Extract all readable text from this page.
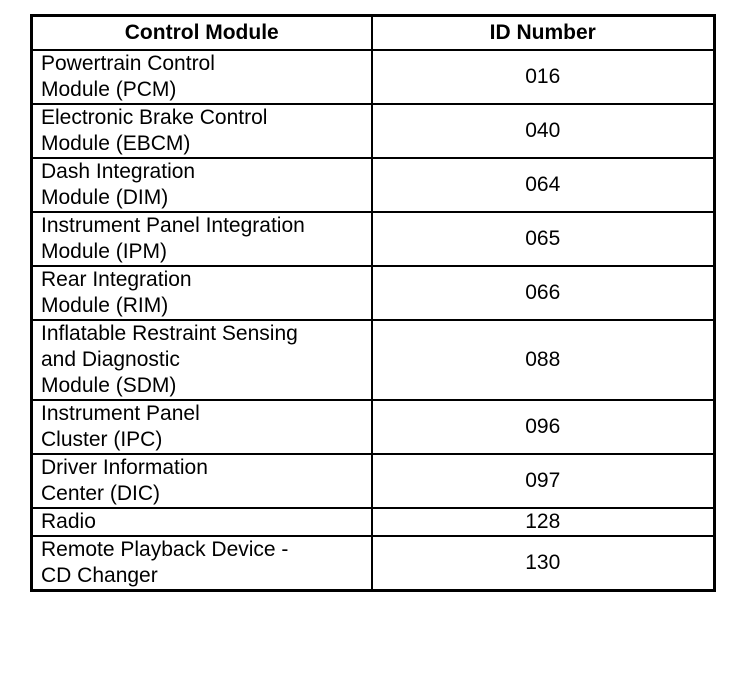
Control Module	ID Number
Powertrain Control
Module (PCM)	016
Electronic Brake Control
Module (EBCM)	040
Dash Integration
Module (DIM)	064
Instrument Panel Integration
Module (IPM)	065
Rear Integration
Module (RIM)	066
Inflatable Restraint Sensing
and Diagnostic
Module (SDM)	088
Instrument Panel
Cluster (IPC)	096
Driver Information
Center (DIC)	097
Radio	128
Remote Playback Device -
CD Changer	130
